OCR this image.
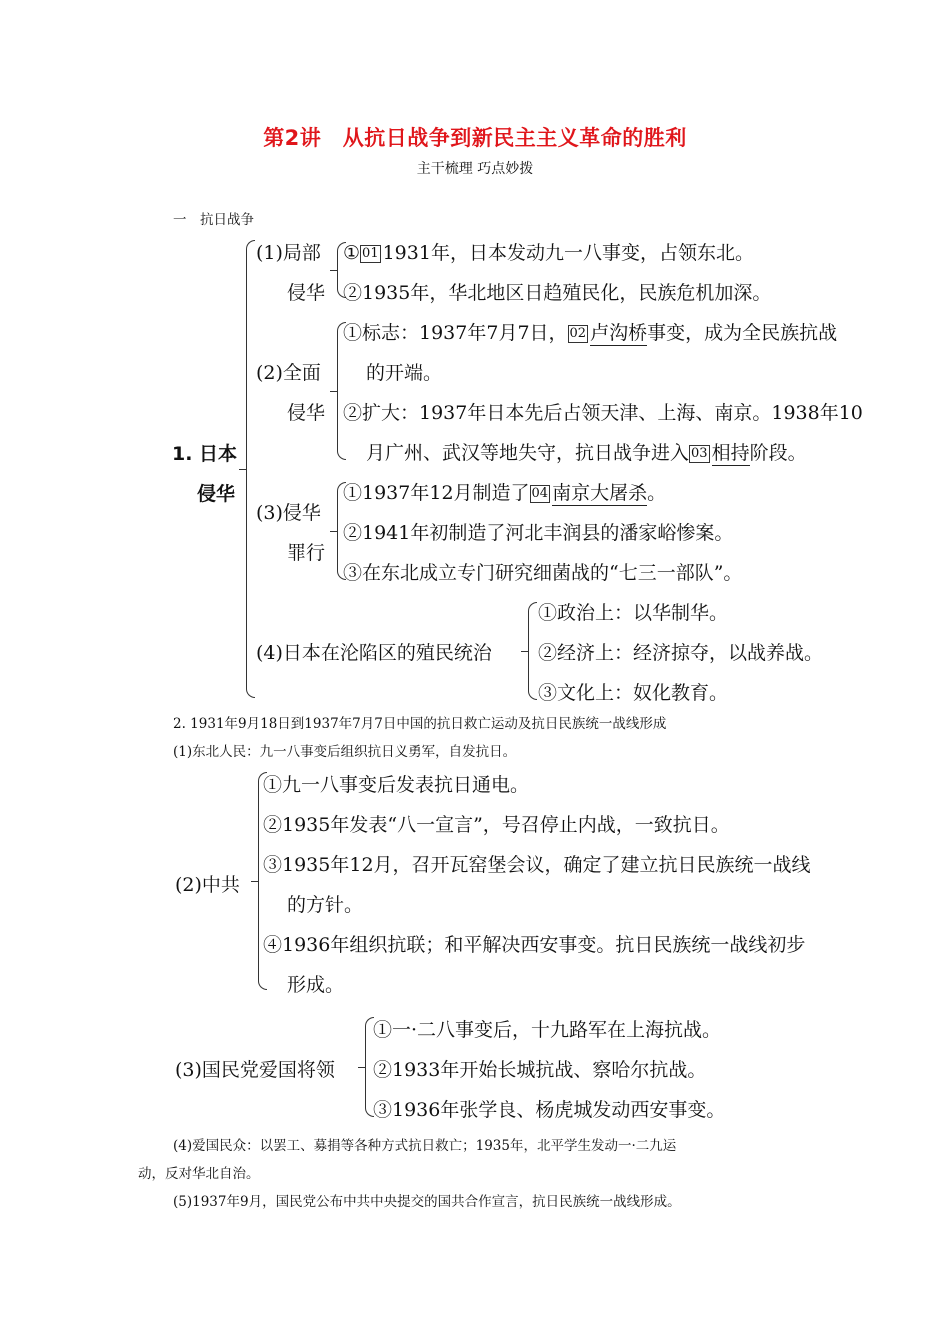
第2讲　从抗日战争到新民主主义革命的胜利
主干梳理 巧点妙拨
一　抗日战争
1. 日本
侵华
(1)局部
侵华
① 01 1931年，日本发动九一八事变，占领东北。
②1935年，华北地区日趋殖民化，民族危机加深。
(2)全面
侵华
①标志：1937年7月7日， 02 卢沟桥事变，成为全民族抗战
的开端。
②扩大：1937年日本先后占领天津、上海、南京。1938年10
月广州、武汉等地失守，抗日战争进入 03 相持阶段。
(3)侵华
罪行
①1937年12月制造了 04 南京大屠杀。
②1941年初制造了河北丰润县的潘家峪惨案。
③在东北成立专门研究细菌战的“七三一部队”。
(4)日本在沦陷区的殖民统治
①政治上：以华制华。
②经济上：经济掠夺，以战养战。
③文化上：奴化教育。
2. 1931年9月18日到1937年7月7日中国的抗日救亡运动及抗日民族统一战线形成
(1)东北人民：九一八事变后组织抗日义勇军，自发抗日。
(2)中共
①九一八事变后发表抗日通电。
②1935年发表“八一宣言”，号召停止内战，一致抗日。
③1935年12月，召开瓦窑堡会议，确定了建立抗日民族统一战线
的方针。
④1936年组织抗联；和平解决西安事变。抗日民族统一战线初步
形成。
(3)国民党爱国将领
①一·二八事变后，十九路军在上海抗战。
②1933年开始长城抗战、察哈尔抗战。
③1936年张学良、杨虎城发动西安事变。
(4)爱国民众：以罢工、募捐等各种方式抗日救亡；1935年，北平学生发动一·二九运
动，反对华北自治。
(5)1937年9月，国民党公布中共中央提交的国共合作宣言，抗日民族统一战线形成。
